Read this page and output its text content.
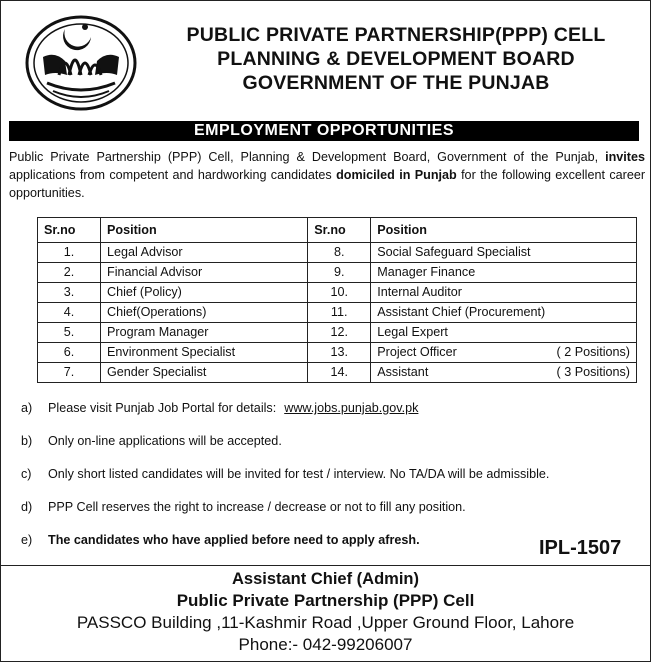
PUBLIC PRIVATE PARTNERSHIP(PPP) CELL
PLANNING & DEVELOPMENT BOARD
GOVERNMENT OF THE PUNJAB
EMPLOYMENT OPPORTUNITIES
Public Private Partnership (PPP) Cell, Planning & Development Board, Government of the Punjab, invites applications from competent and hardworking candidates domiciled in Punjab for the following excellent career opportunities.
Sr.no	Position	Sr.no	Position
1.	Legal Advisor	8.	Social Safeguard Specialist
2.	Financial Advisor	9.	Manager Finance
3.	Chief (Policy)	10.	Internal Auditor
4.	Chief(Operations)	11.	Assistant Chief (Procurement)
5.	Program Manager	12.	Legal Expert
6.	Environment Specialist	13.	Project Officer ( 2 Positions)

7.	Gender Specialist	14.	Assistant ( 3 Positions)
a)	Please visit Punjab Job Portal for details: www.jobs.punjab.gov.pk
b)	Only on-line applications will be accepted.
c)	Only short listed candidates will be invited for test / interview. No TA/DA will be admissible.
d)	PPP Cell reserves the right to increase / decrease or not to fill any position.
e)	The candidates who have applied before need to apply afresh.	IPL-1507
Assistant Chief (Admin)
Public Private Partnership (PPP) Cell
PASSCO Building ,11-Kashmir Road ,Upper Ground Floor, Lahore
Phone:- 042-99206007
